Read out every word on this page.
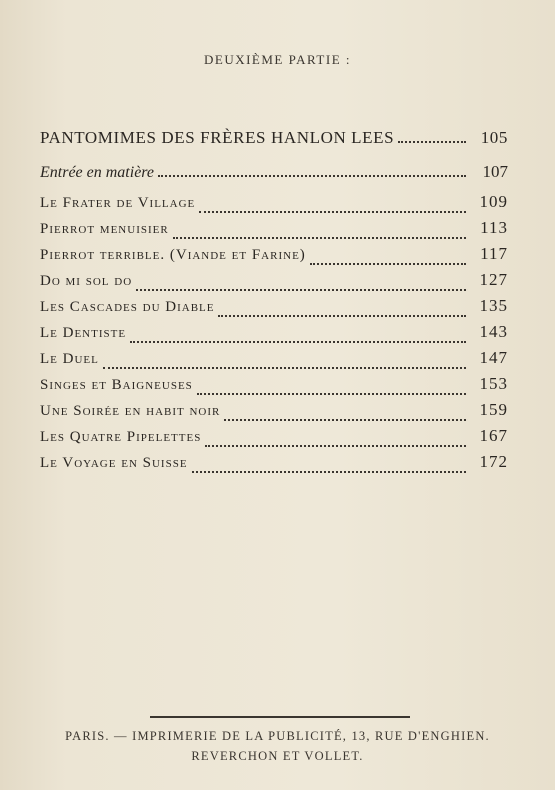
DEUXIÈME PARTIE :
PANTOMIMES DES FRÈRES HANLON LEES	105
Entrée en matière	107
Le Frater de Village	109
Pierrot menuisier	113
Pierrot terrible. (Viande et Farine)	117
Do mi sol do	127
Les Cascades du Diable	135
Le Dentiste	143
Le Duel	147
Singes et Baigneuses	153
Une Soirée en habit noir	159
Les Quatre Pipelettes	167
Le Voyage en Suisse	172
PARIS. — IMPRIMERIE DE LA PUBLICITÉ, 13, RUE D'ENGHIEN.
REVERCHON ET VOLLET.
